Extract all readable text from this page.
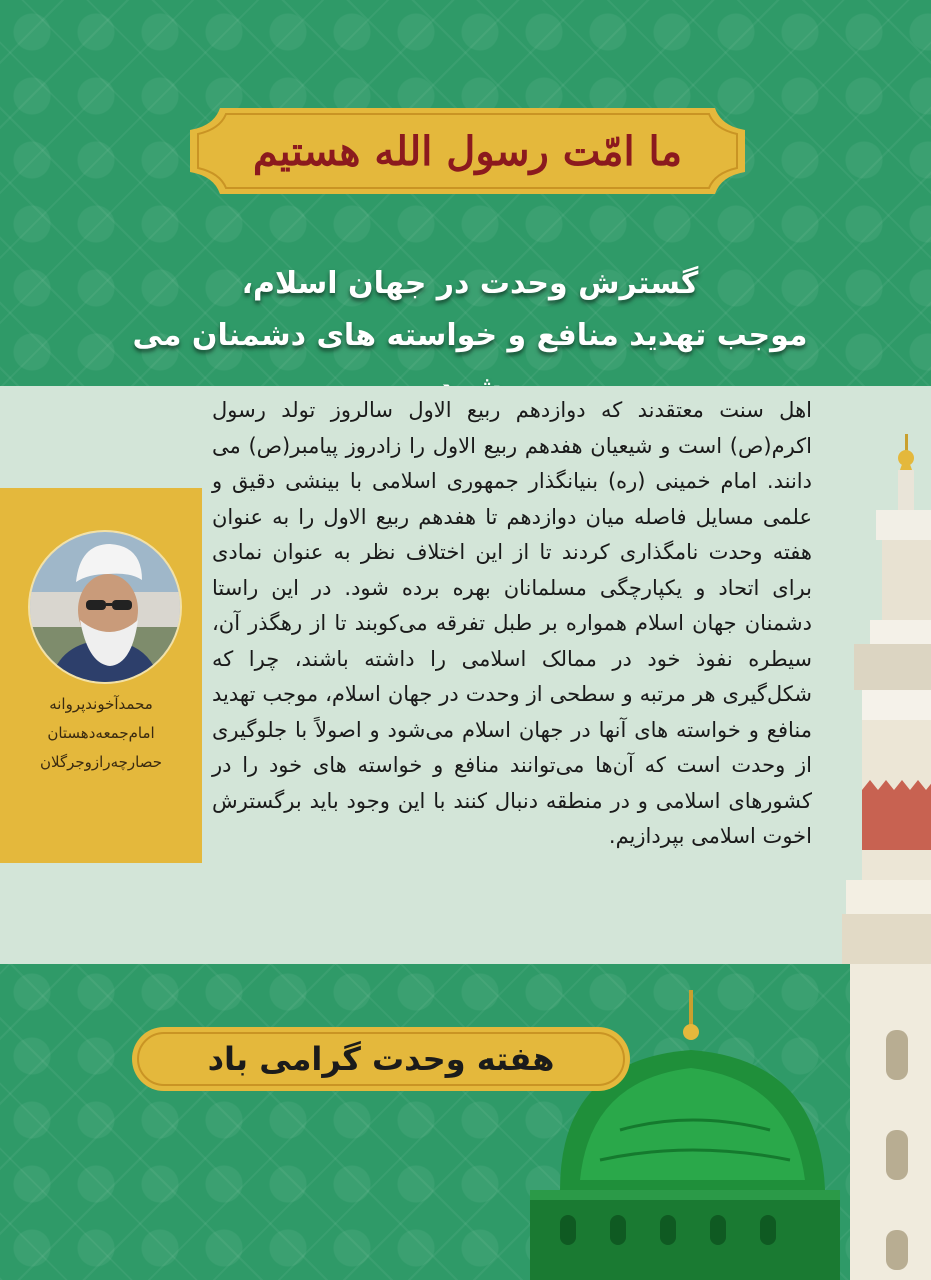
ما امّت رسول الله هستیم
گسترش وحدت در جهان اسلام،
موجب تهدید منافع و خواسته های دشمنان می
محمدآخوندپروانه
امام‌جمعه‌دهستان
حصارچه‌رازوجرگلان
اهل سنت معتقدند که دوازدهم ربیع الاول سالروز تولد رسول اکرم(ص) است و شیعیان هفدهم ربیع الاول را زادروز پیامبر(ص) می دانند. امام خمینی (ره) بنیانگذار جمهوری اسلامی با بینشی دقیق و علمی مسایل فاصله میان دوازدهم تا هفدهم ربیع الاول را به عنوان هفته وحدت نامگذاری کردند تا از این اختلاف نظر به عنوان نمادی برای اتحاد و یکپارچگی مسلمانان بهره برده شود. در این راستا دشمنان جهان اسلام همواره بر طبل تفرقه می‌کوبند تا از رهگذر آن، سیطره نفوذ خود در ممالک اسلامی را داشته باشند، چرا که شکل‌گیری هر مرتبه و سطحی از وحدت در جهان اسلام، موجب تهدید منافع و خواسته های آنها در جهان اسلام می‌شود و اصولاً با جلوگیری از وحدت است که آن‌ها می‌توانند منافع و خواسته های خود را در کشورهای اسلامی و در منطقه دنبال کنند با این وجود باید برگسترش اخوت اسلامی بپردازیم.
هفته وحدت گرامی باد
